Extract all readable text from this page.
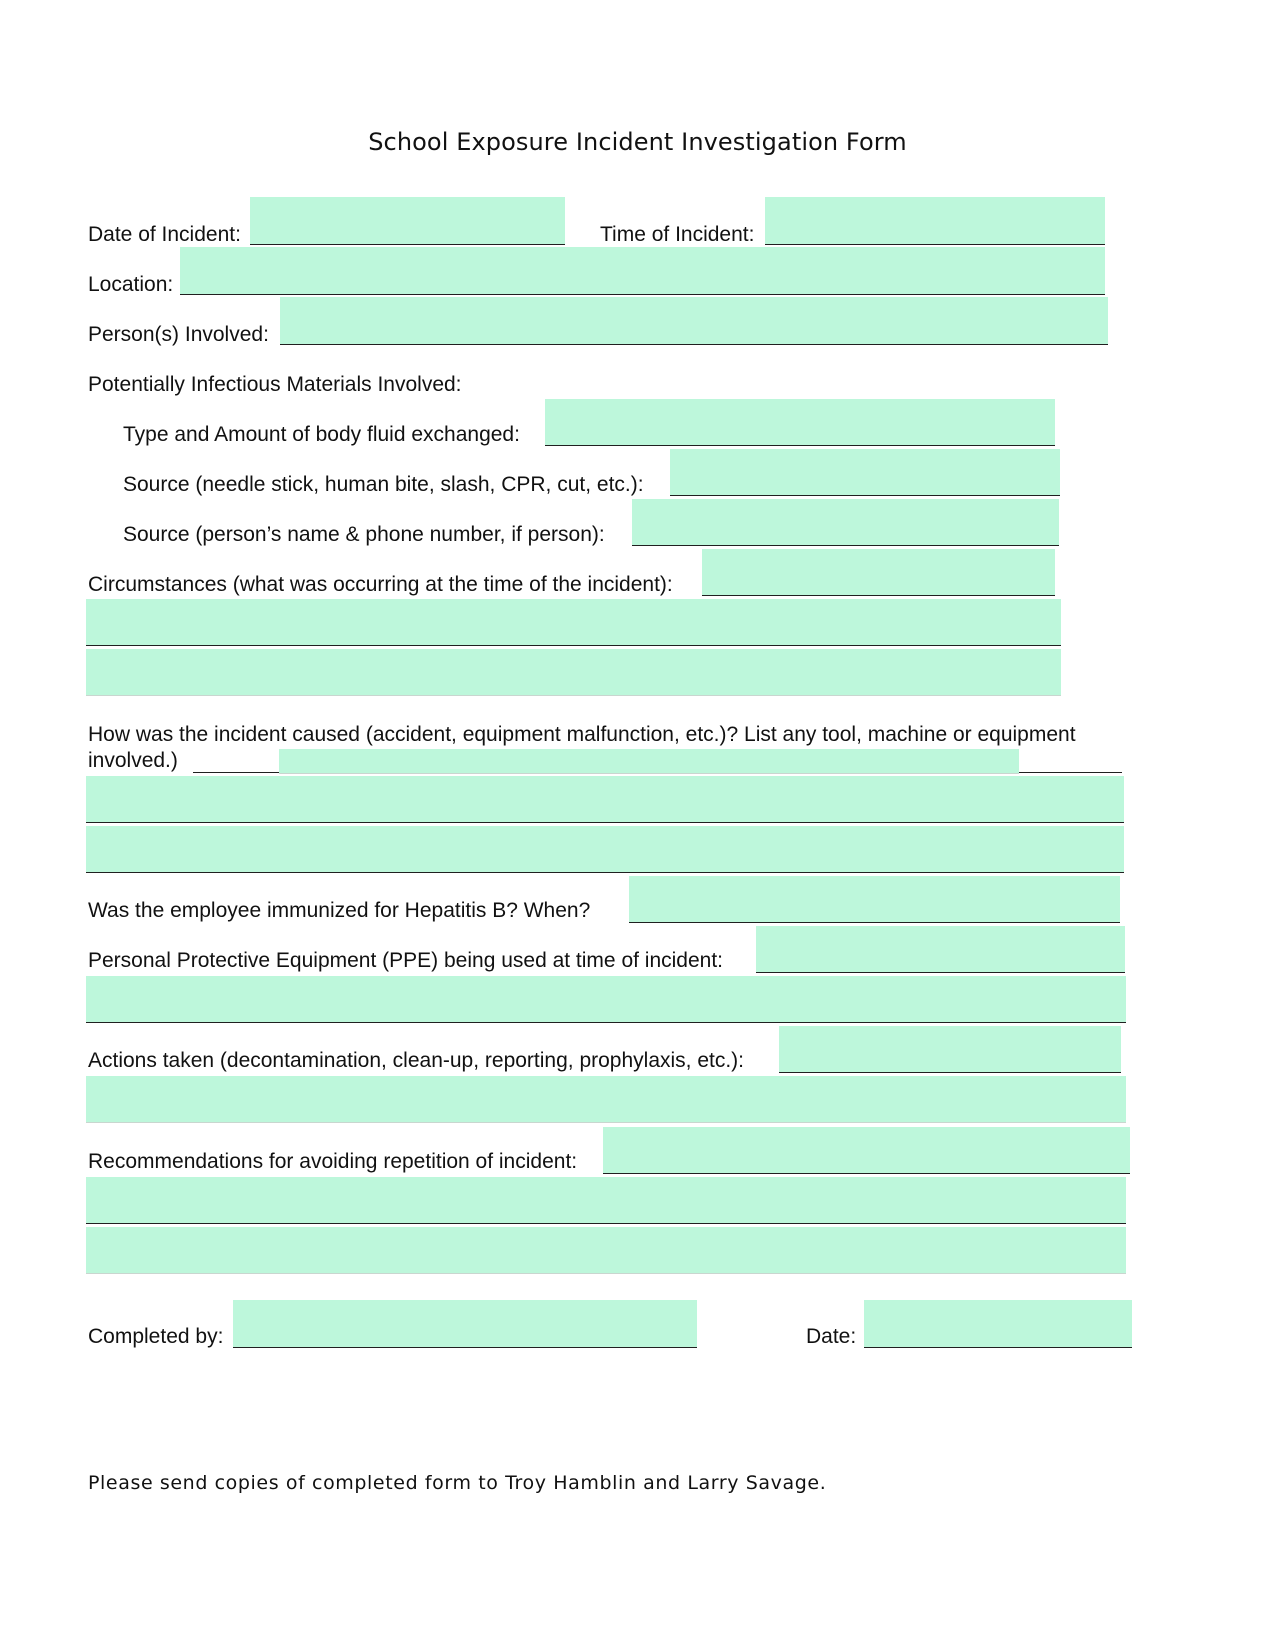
School Exposure Incident Investigation Form
Date of Incident:	Time of Incident:
Location:
Person(s) Involved:
Potentially Infectious Materials Involved:
Type and Amount of body fluid exchanged:
Source (needle stick, human bite, slash, CPR, cut, etc.):
Source (person’s name & phone number, if person):
Circumstances (what was occurring at the time of the incident):
How was the incident caused (accident, equipment malfunction, etc.)? List any tool, machine or equipment
involved.)
Was the employee immunized for Hepatitis B? When?
Personal Protective Equipment (PPE) being used at time of incident:
Actions taken (decontamination, clean-up, reporting, prophylaxis, etc.):
Recommendations for avoiding repetition of incident:
Completed by:	Date:
Please send copies of completed form to Troy Hamblin and Larry Savage.
